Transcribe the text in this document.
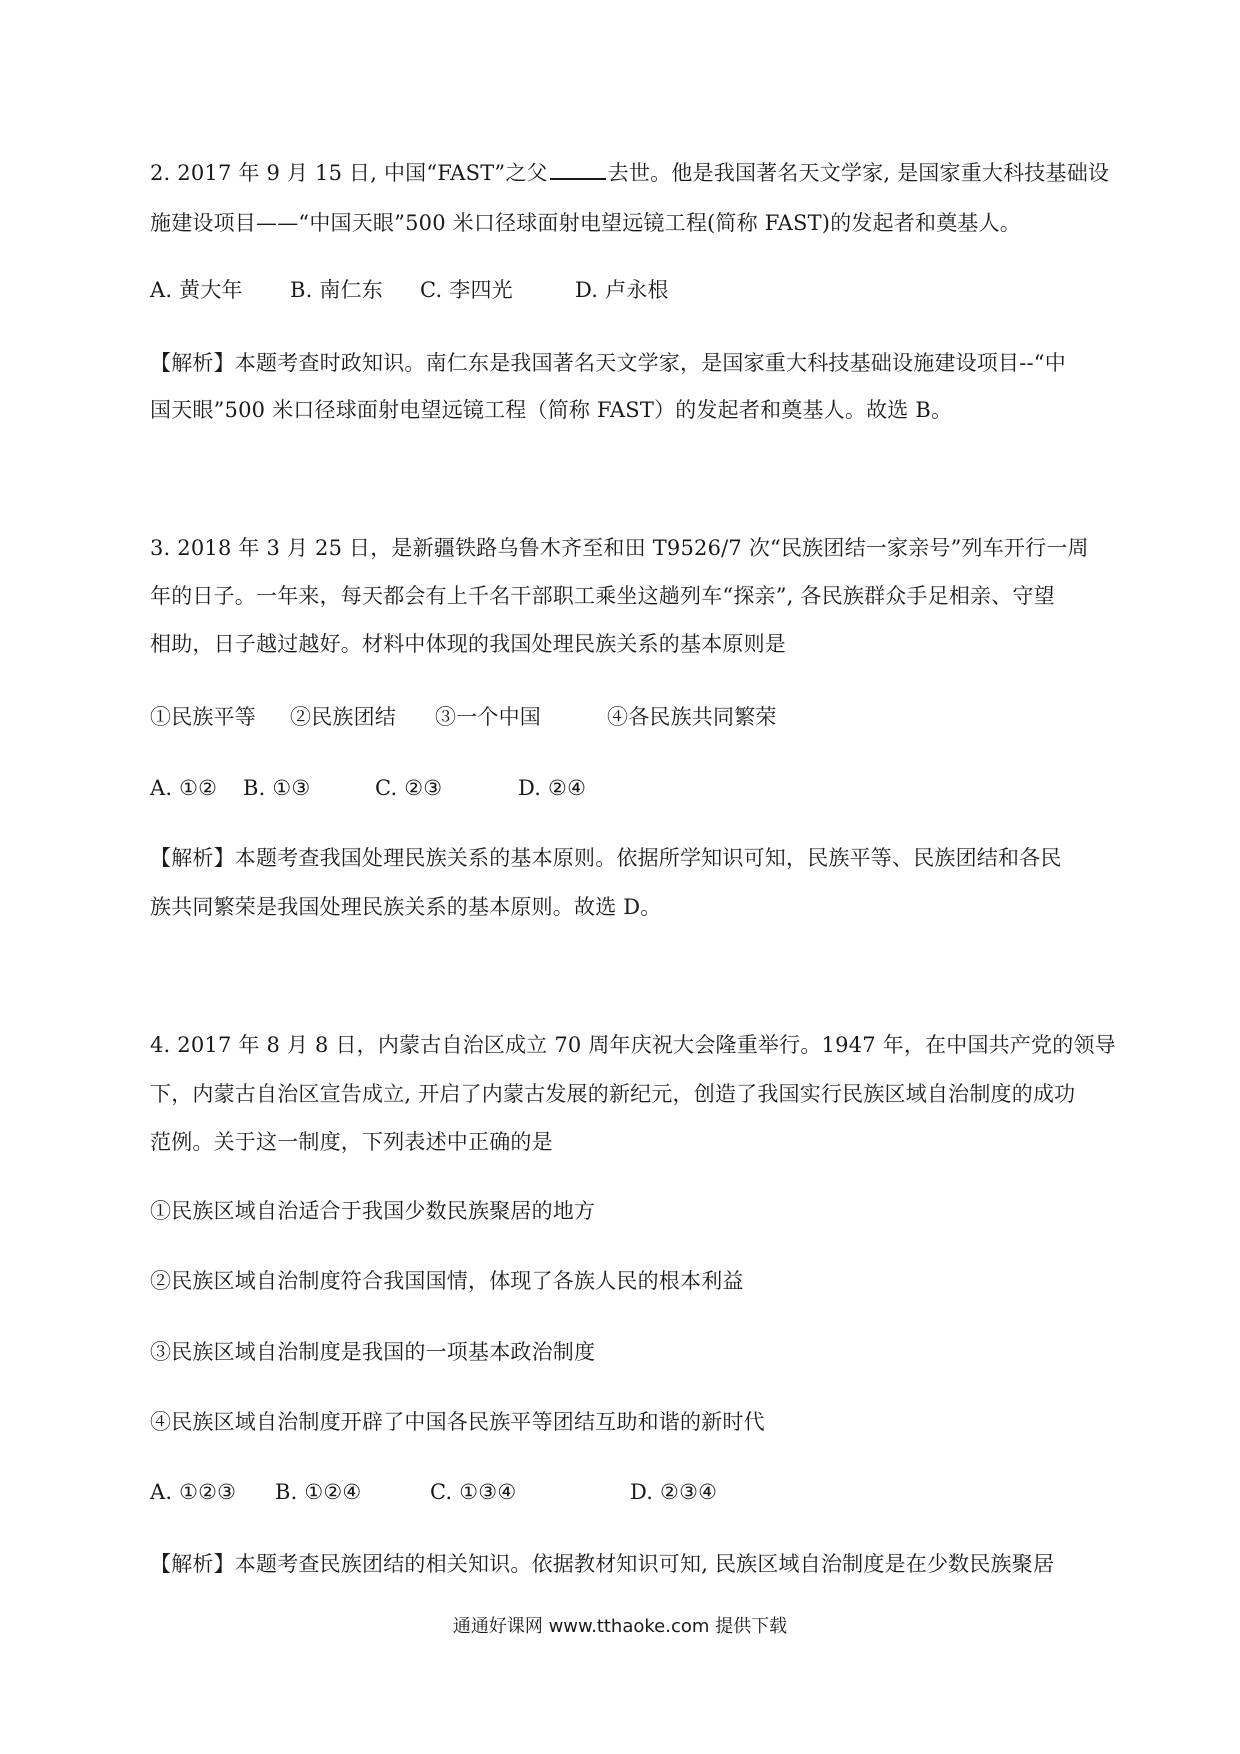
2. 2017 年 9 月 15 日, 中国“FAST”之父	去世。他是我国著名天文学家, 是国家重大科技基础设
施建设项目——“中国天眼”500 米口径球面射电望远镜工程(简称 FAST)的发起者和奠基人。
A. 黄大年 B. 南仁东 C. 李四光	D. 卢永根
【解析】本题考查时政知识。南仁东是我国著名天文学家，是国家重大科技基础设施建设项目--“中
国天眼”500 米口径球面射电望远镜工程（简称 FAST）的发起者和奠基人。故选 B。
3. 2018 年 3 月 25 日，是新疆铁路乌鲁木齐至和田 T9526/7 次“民族团结一家亲号”列车开行一周
年的日子。一年来，每天都会有上千名干部职工乘坐这趟列车“探亲”, 各民族群众手足相亲、守望
相助，日子越过越好。材料中体现的我国处理民族关系的基本原则是
①民族平等 ②民族团结 ③一个中国	④各民族共同繁荣
A. ①② B. ①③	C. ②③	D. ②④
【解析】本题考查我国处理民族关系的基本原则。依据所学知识可知，民族平等、民族团结和各民
族共同繁荣是我国处理民族关系的基本原则。故选 D。
4. 2017 年 8 月 8 日，内蒙古自治区成立 70 周年庆祝大会隆重举行。1947 年，在中国共产党的领导
下，内蒙古自治区宣告成立, 开启了内蒙古发展的新纪元，创造了我国实行民族区域自治制度的成功
范例。关于这一制度，下列表述中正确的是
①民族区域自治适合于我国少数民族聚居的地方
②民族区域自治制度符合我国国情，体现了各族人民的根本利益
③民族区域自治制度是我国的一项基本政治制度
④民族区域自治制度开辟了中国各民族平等团结互助和谐的新时代
A. ①②③ B. ①②④	C. ①③④	D. ②③④
【解析】本题考查民族团结的相关知识。依据教材知识可知, 民族区域自治制度是在少数民族聚居
通通好课网 www.tthaoke.com 提供下载
